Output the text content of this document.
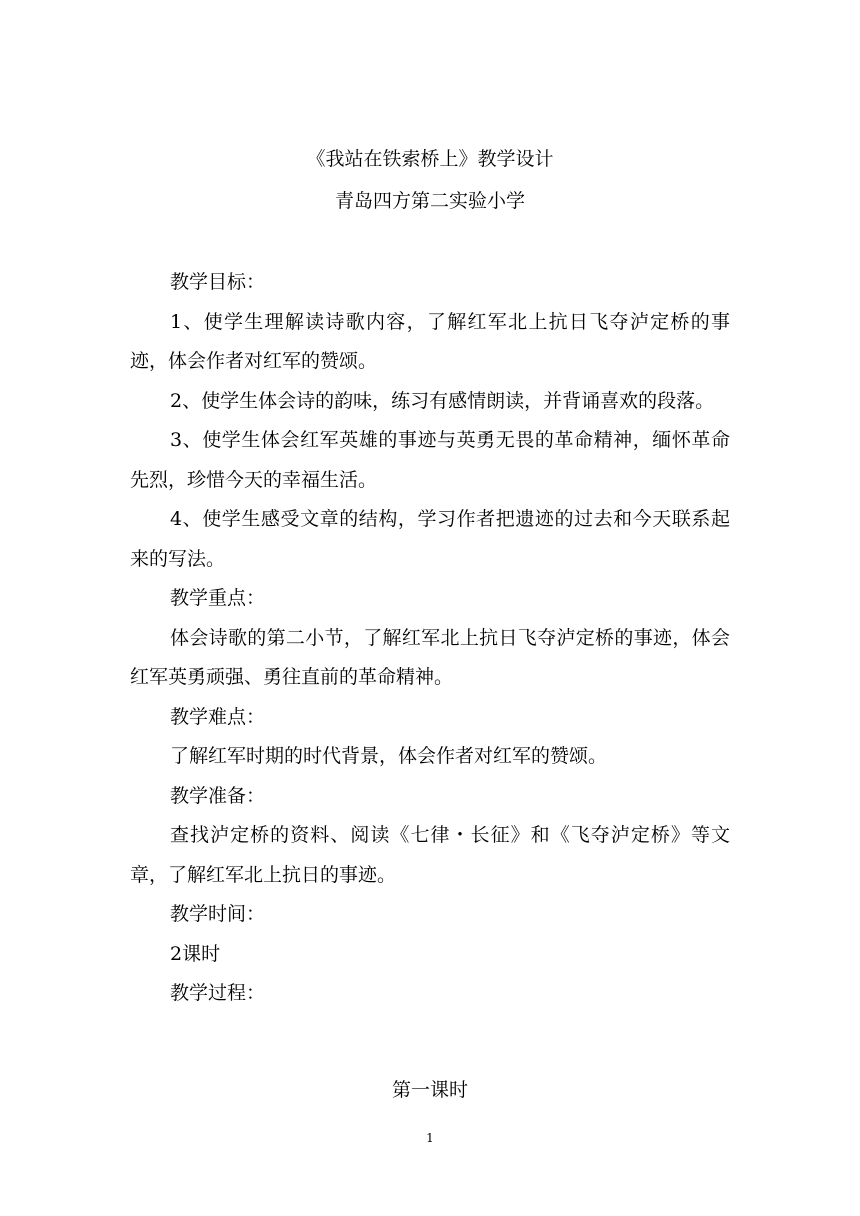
《我站在铁索桥上》教学设计
青岛四方第二实验小学

教学目标：

1、使学生理解读诗歌内容，了解红军北上抗日飞夺泸定桥的事迹，体会作者对红军的赞颂。

2、使学生体会诗的韵味，练习有感情朗读，并背诵喜欢的段落。

3、使学生体会红军英雄的事迹与英勇无畏的革命精神，缅怀革命先烈，珍惜今天的幸福生活。

4、使学生感受文章的结构，学习作者把遗迹的过去和今天联系起来的写法。

教学重点：

体会诗歌的第二小节，了解红军北上抗日飞夺泸定桥的事迹，体会红军英勇顽强、勇往直前的革命精神。

教学难点：

了解红军时期的时代背景，体会作者对红军的赞颂。

教学准备：

查找泸定桥的资料、阅读《七律・长征》和《飞夺泸定桥》等文章，了解红军北上抗日的事迹。

教学时间：

2课时

教学过程：

第一课时
1
